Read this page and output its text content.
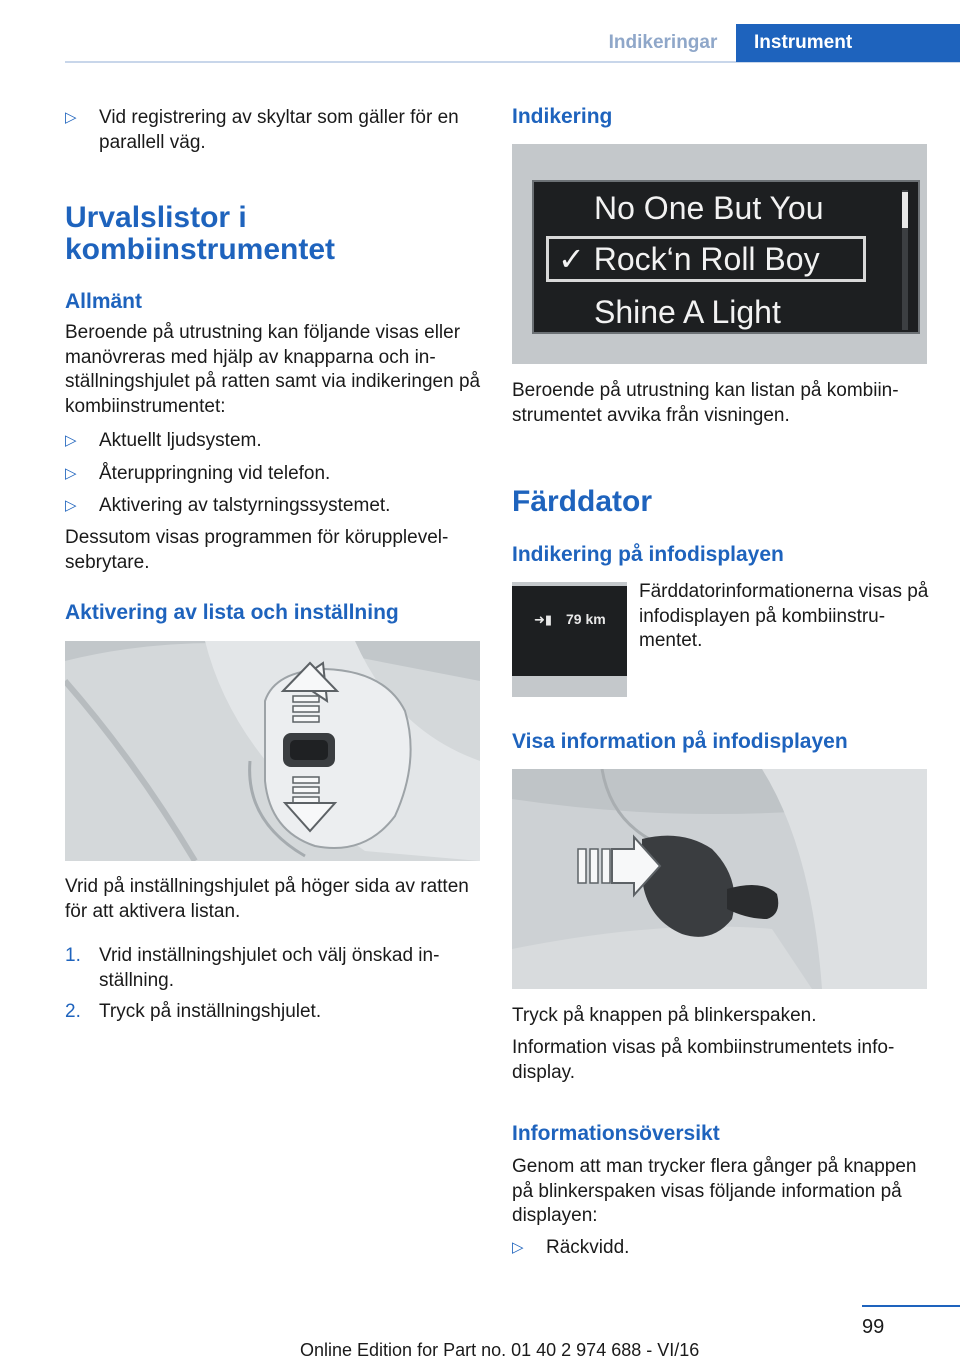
Indikeringar	Instrument
▷	Vid registrering av skyltar som gäller för en parallell väg.
Urvalslistor i kombiinstrumentet
Allmänt

Beroende på utrustning kan följande visas eller manövreras med hjälp av knapparna och inställningshjulet på ratten samt via indikeringen på kombiinstrumentet:

▷	Aktuellt ljudsystem.
▷	Återuppringning vid telefon.
▷	Aktivering av talstyrningssystemet.

Dessutom visas programmen för körupplevelsebrytare.

Aktivering av lista och inställning

Vrid på inställningshjulet på höger sida av ratten för att aktivera listan.

1. Vrid inställningshjulet och välj önskad inställning.
2. Tryck på inställningshjulet.
Indikering
No One But You
✓ Rock‘n Roll Boy
Shine A Light

Beroende på utrustning kan listan på kombiinstrumentet avvika från visningen.

Färddator
Indikering på infodisplayen
➜▮ 79 km

Färddatorinformationerna visas på infodisplayen på kombiinstrumentet.

Visa information på infodisplayen

Tryck på knappen på blinkerspaken.

Information visas på kombiinstrumentets infodisplay.

Informationsöversikt

Genom att man trycker flera gånger på knappen på blinkerspaken visas följande information på displayen:

▷	Räckvidd.
99
Online Edition for Part no. 01 40 2 974 688 - VI/16
